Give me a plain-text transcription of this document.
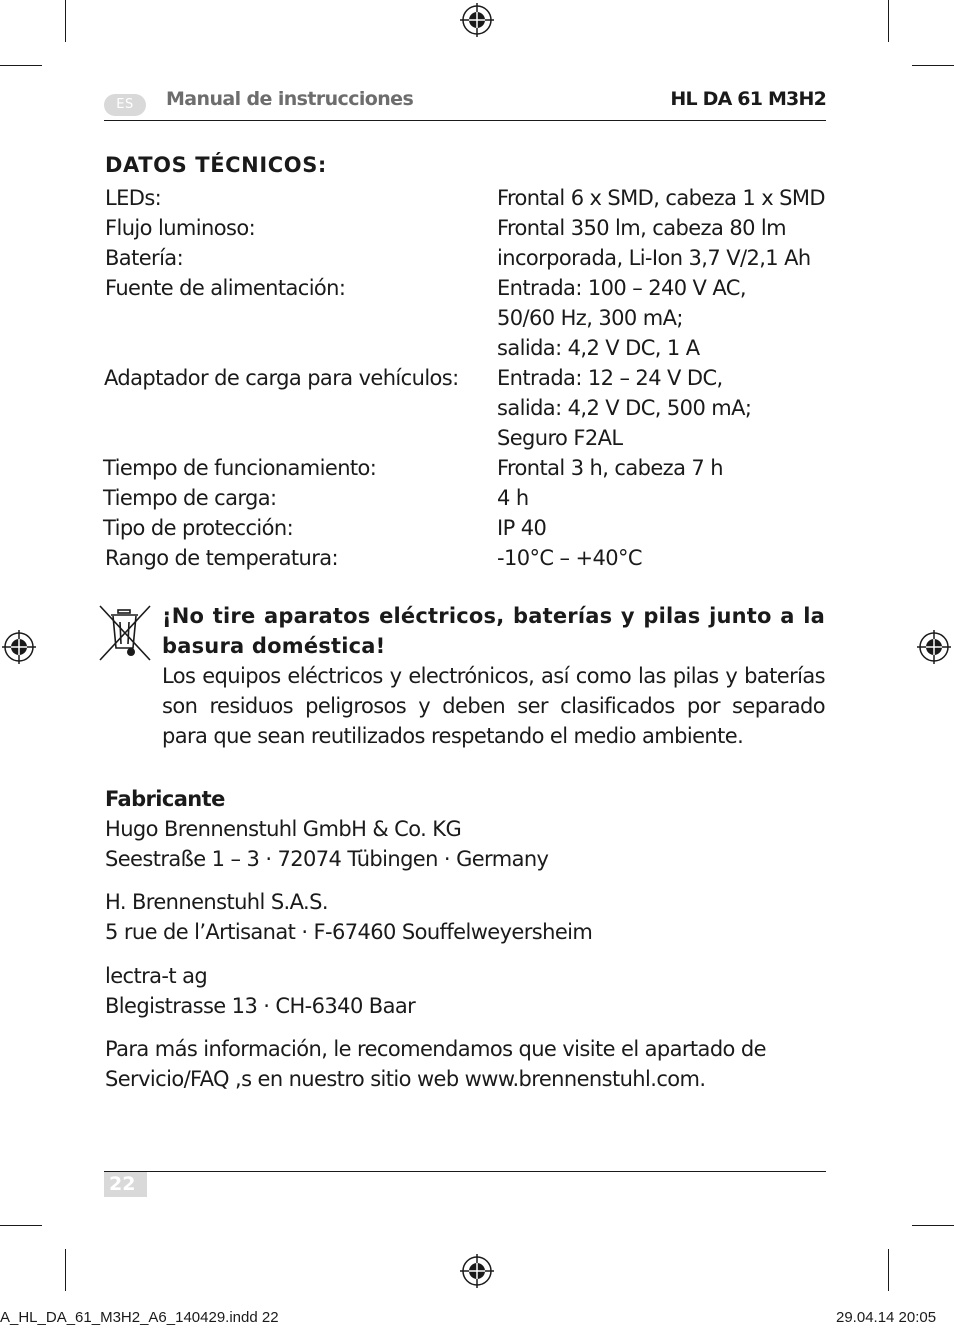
ES	Manual de instrucciones	HL DA 61 M3H2
DATOS TÉCNICOS:
LEDs:	Frontal 6 x SMD, cabeza 1 x SMD
Flujo luminoso:	Frontal 350 lm, cabeza 80 lm
Batería:	incorporada, Li-Ion 3,7 V/2,1 Ah
Fuente de alimentación:	Entrada: 100 – 240 V AC,
50/60 Hz, 300 mA;
salida: 4,2 V DC, 1 A
Adaptador de carga para vehículos: Entrada: 12 – 24 V DC,
salida: 4,2 V DC, 500 mA;
Seguro F2AL
Tiempo de funcionamiento:	Frontal 3 h, cabeza 7 h
Tiempo de carga:	4 h
Tipo de protección:	IP 40
Rango de temperatura:	-10°C – +40°C
¡No tire aparatos eléctricos, baterías y pilas junto a la basura doméstica!
Los equipos eléctricos y electrónicos, así como las pilas y baterías son residuos peligrosos y deben ser clasificados por separado para que sean reutilizados respetando el medio ambiente.
Fabricante
Hugo Brennenstuhl GmbH & Co. KG
Seestraße 1 – 3 · 72074 Tübingen · Germany
H. Brennenstuhl S.A.S.
5 rue de l’Artisanat · F-67460 Souffelweyersheim
lectra-t ag
Blegistrasse 13 · CH-6340 Baar
Para más información, le recomendamos que visite el apartado de
Servicio/FAQ ,s en nuestro sitio web www.brennenstuhl.com.
22
A_HL_DA_61_M3H2_A6_140429.indd 22	29.04.14 20:05
